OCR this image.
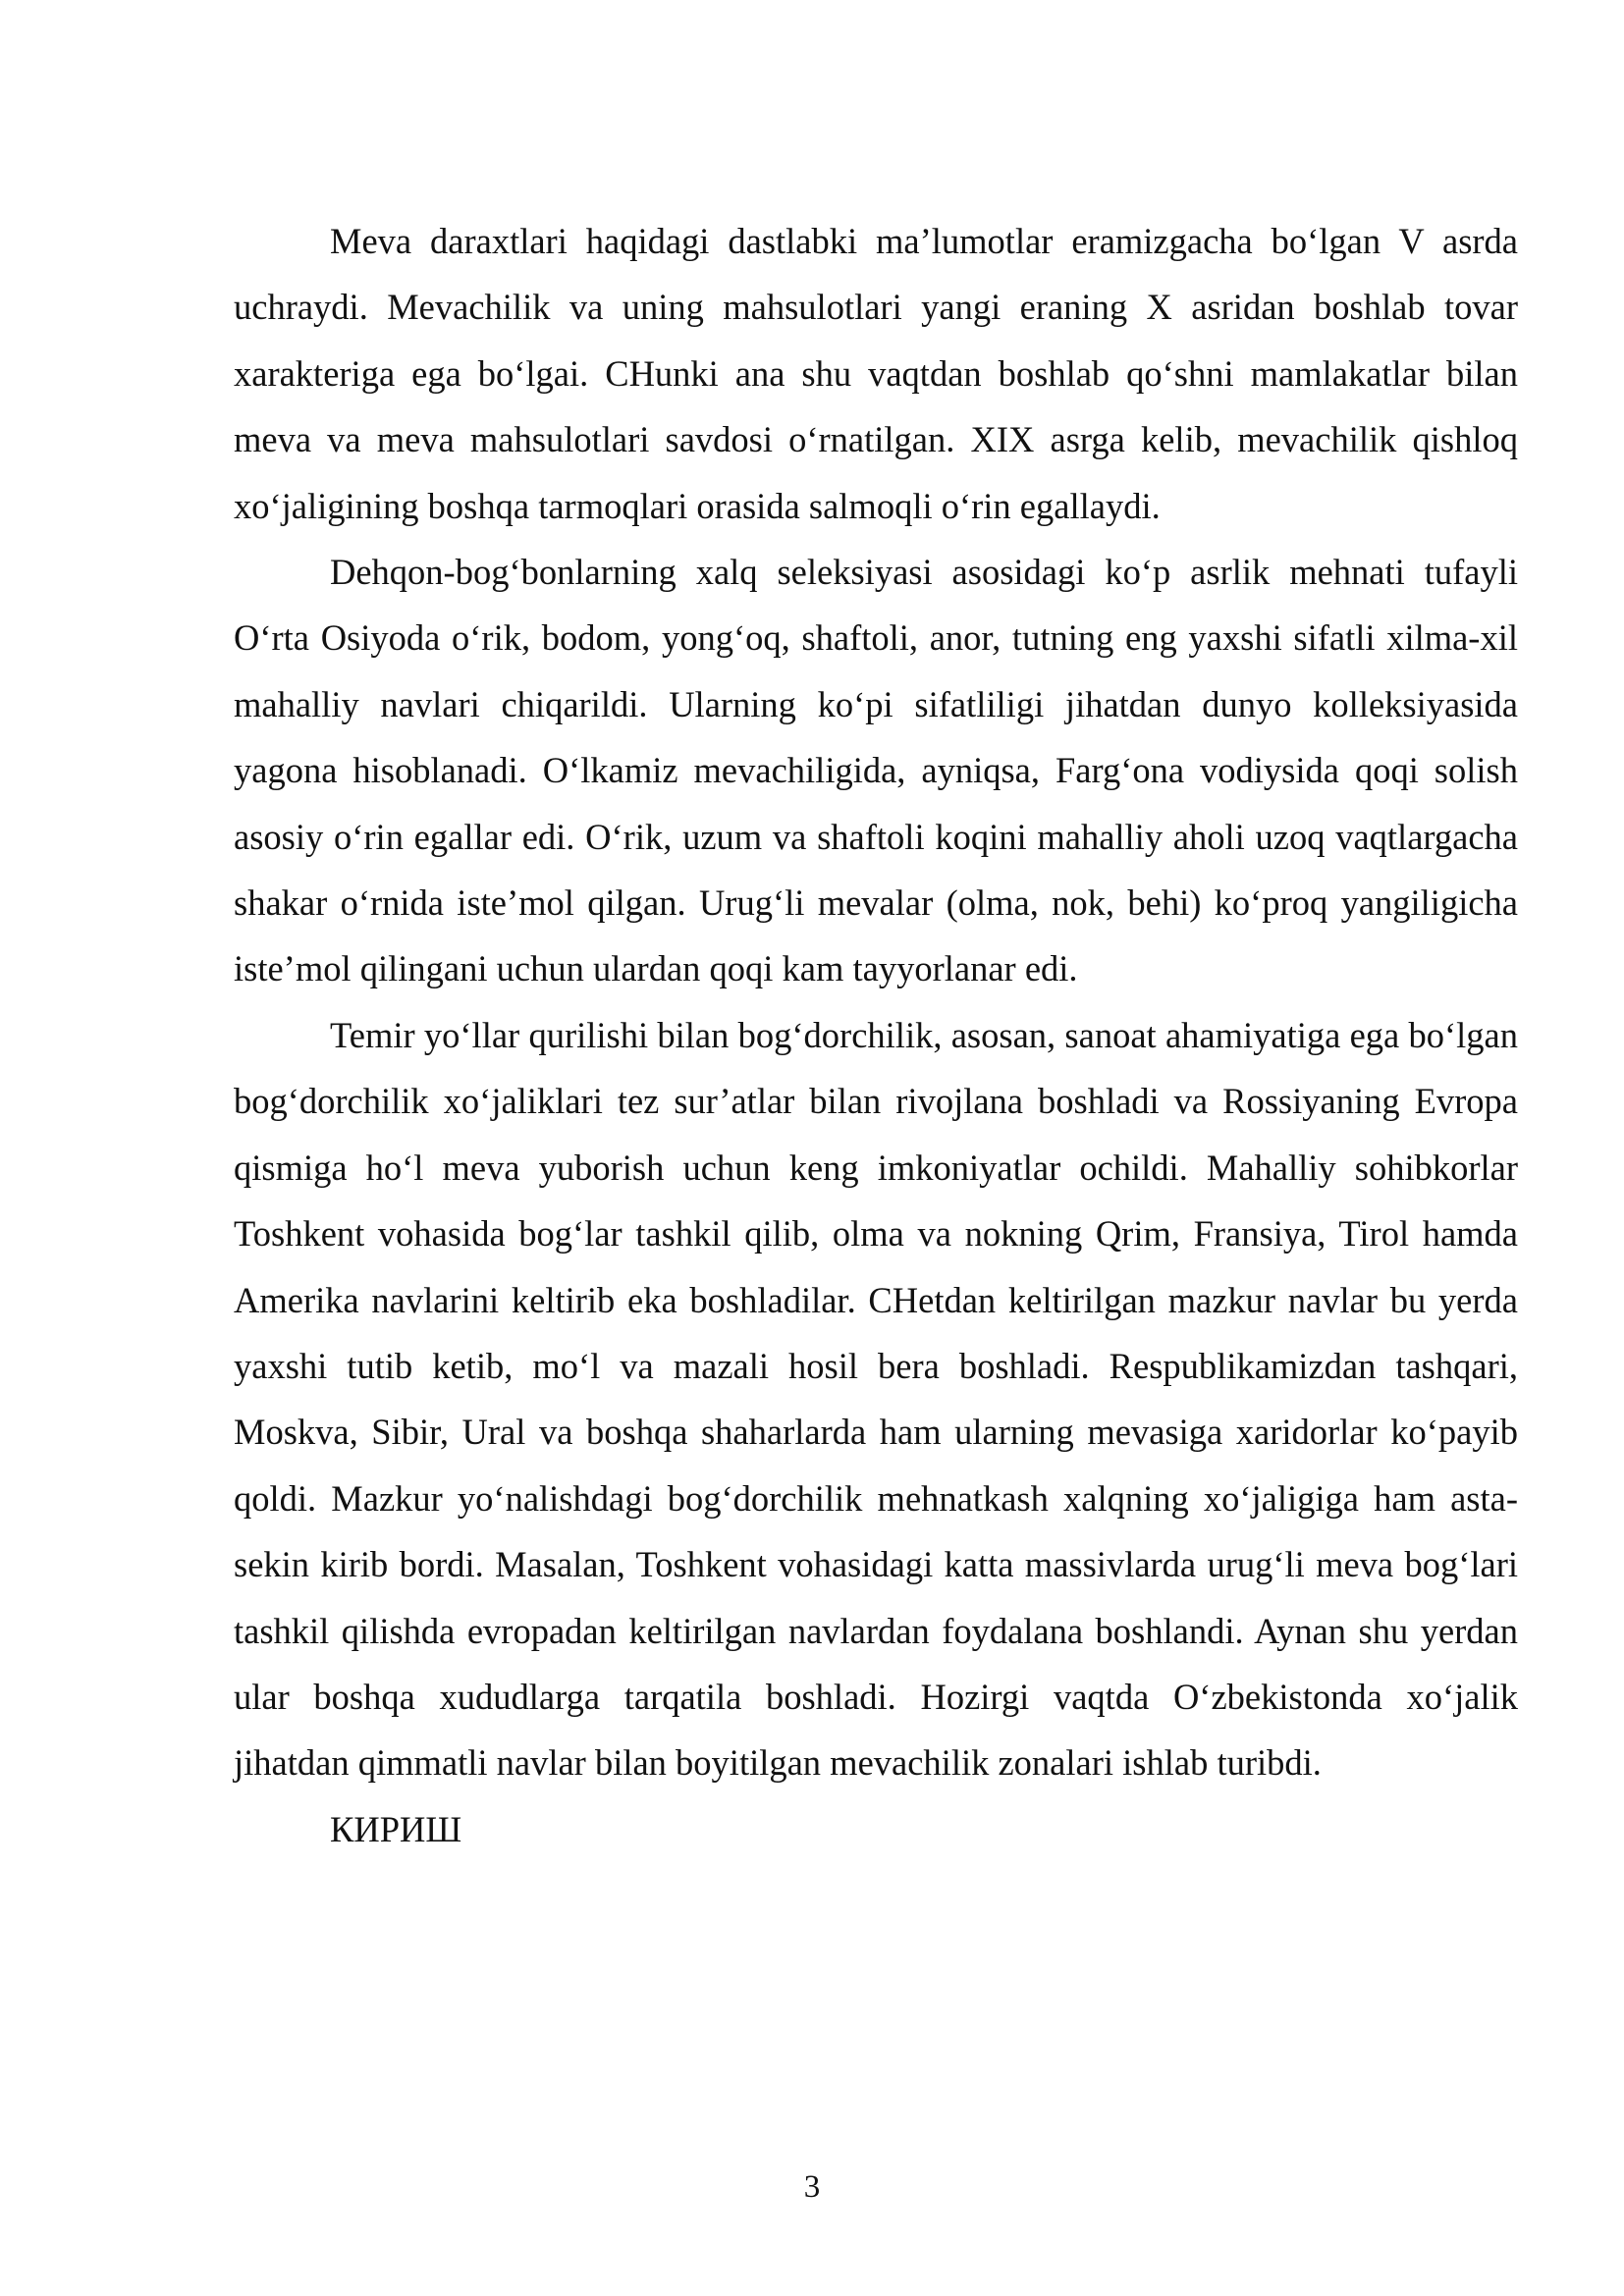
Meva daraxtlari haqidagi dastlabki ma’lumotlar eramizgacha bo‘lgan V asrda uchraydi. Mevachilik va uning mahsulotlari yangi eraning X asridan boshlab tovar xarakteriga ega bo‘lgai. CHunki ana shu vaqtdan boshlab qo‘shni mamlakatlar bilan meva va meva mahsulotlari savdosi o‘rnatilgan. XIX asrga kelib, mevachilik qishloq xo‘jaligining boshqa tarmoqlari orasida salmoqli o‘rin egallaydi.

Dehqon-bog‘bonlarning xalq seleksiyasi asosidagi ko‘p asrlik mehnati tufayli O‘rta Osiyoda o‘rik, bodom, yong‘oq, shaftoli, anor, tutning eng yaxshi sifatli xilma-xil mahalliy navlari chiqarildi. Ularning ko‘pi sifatliligi jihatdan dunyo kolleksiyasida yagona hisoblanadi. O‘lkamiz mevachiligida, ayniqsa, Farg‘ona vodiysida qoqi solish asosiy o‘rin egallar edi. O‘rik, uzum va shaftoli koqini mahalliy aholi uzoq vaqtlargacha shakar o‘rnida iste’mol qilgan. Urug‘li mevalar (olma, nok, behi) ko‘proq yangiligicha iste’mol qilingani uchun ulardan qoqi kam tayyorlanar edi.

Temir yo‘llar qurilishi bilan bog‘dorchilik, asosan, sanoat ahamiyatiga ega bo‘lgan bog‘dorchilik xo‘jaliklari tez sur’atlar bilan rivojlana boshladi va Rossiyaning Evropa qismiga ho‘l meva yuborish uchun keng imkoniyatlar ochildi. Mahalliy sohibkorlar Toshkent vohasida bog‘lar tashkil qilib, olma va nokning Qrim, Fransiya, Tirol hamda Amerika navlarini keltirib eka boshladilar. CHetdan keltirilgan mazkur navlar bu yerda yaxshi tutib ketib, mo‘l va mazali hosil bera boshladi. Respublikamizdan tashqari, Moskva, Sibir, Ural va boshqa shaharlarda ham ularning mevasiga xaridorlar ko‘payib qoldi. Mazkur yo‘nalishdagi bog‘dorchilik mehnatkash xalqning xo‘jaligiga ham asta-sekin kirib bordi. Masalan, Toshkent vohasidagi katta massivlarda urug‘li meva bog‘lari tashkil qilishda evropadan keltirilgan navlardan foydalana boshlandi. Aynan shu yerdan ular boshqa xududlarga tarqatila boshladi. Hozirgi vaqtda O‘zbekistonda xo‘jalik jihatdan qimmatli navlar bilan boyitilgan mevachilik zonalari ishlab turibdi.

КИРИШ

3
